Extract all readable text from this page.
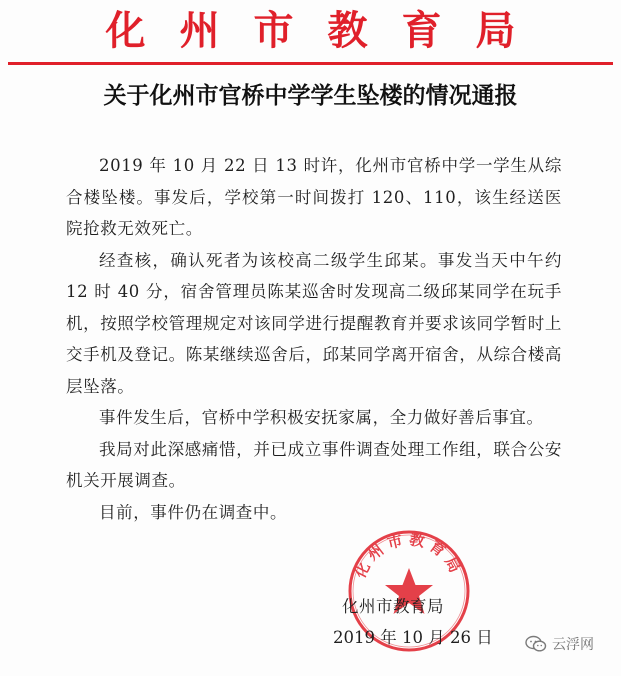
化州市教育局
关于化州市官桥中学学生坠楼的情况通报

2019 年 10 月 22 日 13 时许，化州市官桥中学一学生从综合楼坠楼。事发后，学校第一时间拨打 120、110，该生经送医院抢救无效死亡。

经查核，确认死者为该校高二级学生邱某。事发当天中午约 12 时 40 分，宿舍管理员陈某巡舍时发现高二级邱某同学在玩手机，按照学校管理规定对该同学进行提醒教育并要求该同学暂时上交手机及登记。陈某继续巡舍后，邱某同学离开宿舍，从综合楼高层坠落。

事件发生后，官桥中学积极安抚家属，全力做好善后事宜。

我局对此深感痛惜，并已成立事件调查处理工作组，联合公安机关开展调查。

目前，事件仍在调查中。

化州市教育局
化州市教育局
2019 年 10 月 26 日	云浮网
